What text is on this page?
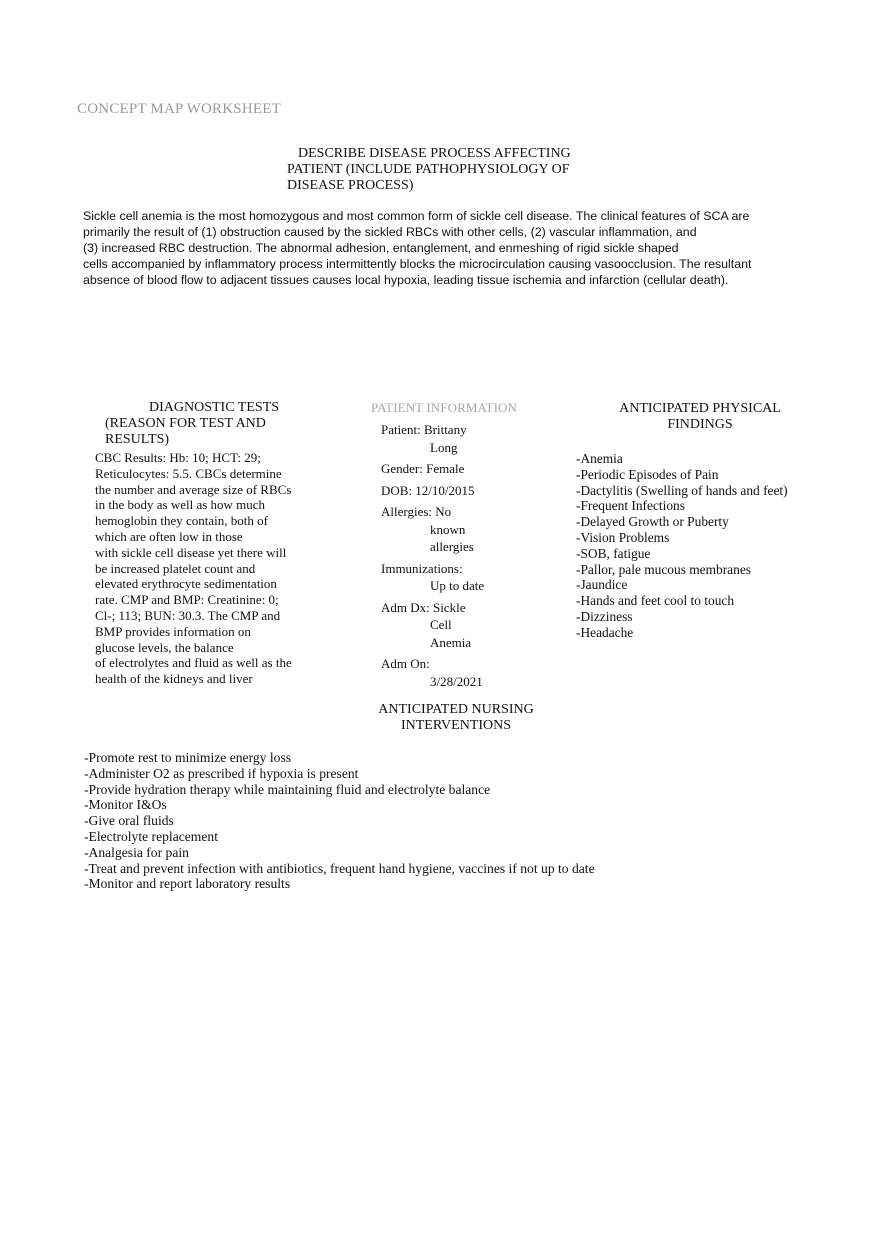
CONCEPT MAP WORKSHEET
DESCRIBE DISEASE PROCESS AFFECTING
PATIENT (INCLUDE PATHOPHYSIOLOGY OF
DISEASE PROCESS)
Sickle cell anemia is the most homozygous and most common form of sickle cell disease. The clinical features of SCA are
primarily the result of (1) obstruction caused by the sickled RBCs with other cells, (2) vascular inflammation, and
(3) increased RBC destruction. The abnormal adhesion, entanglement, and enmeshing of rigid sickle shaped
cells accompanied by inflammatory process intermittently blocks the microcirculation causing vasoocclusion. The resultant
absence of blood flow to adjacent tissues causes local hypoxia, leading tissue ischemia and infarction (cellular death).
DIAGNOSTIC TESTS
(REASON FOR TEST AND
RESULTS)
CBC Results: Hb: 10; HCT: 29;
Reticulocytes: 5.5. CBCs determine
the number and average size of RBCs
in the body as well as how much
hemoglobin they contain, both of
which are often low in those
with sickle cell disease yet there will
be increased platelet count and
elevated erythrocyte sedimentation
rate. CMP and BMP: Creatinine: 0;
Cl-; 113; BUN: 30.3. The CMP and
BMP provides information on
glucose levels, the balance
of electrolytes and fluid as well as the
health of the kidneys and liver
PATIENT INFORMATION
Patient: Brittany
Long
Gender: Female
DOB: 12/10/2015
Allergies: No
known
allergies
Immunizations:
Up to date
Adm Dx: Sickle
Cell
Anemia
Adm On:
3/28/2021
ANTICIPATED PHYSICAL
FINDINGS
-Anemia
-Periodic Episodes of Pain
-Dactylitis (Swelling of hands and feet)
-Frequent Infections
-Delayed Growth or Puberty
-Vision Problems
-SOB, fatigue
-Pallor, pale mucous membranes
-Jaundice
-Hands and feet cool to touch
-Dizziness
-Headache
ANTICIPATED NURSING
INTERVENTIONS
-Promote rest to minimize energy loss
-Administer O2 as prescribed if hypoxia is present
-Provide hydration therapy while maintaining fluid and electrolyte balance
-Monitor I&Os
-Give oral fluids
-Electrolyte replacement
-Analgesia for pain
-Treat and prevent infection with antibiotics, frequent hand hygiene, vaccines if not up to date
-Monitor and report laboratory results
